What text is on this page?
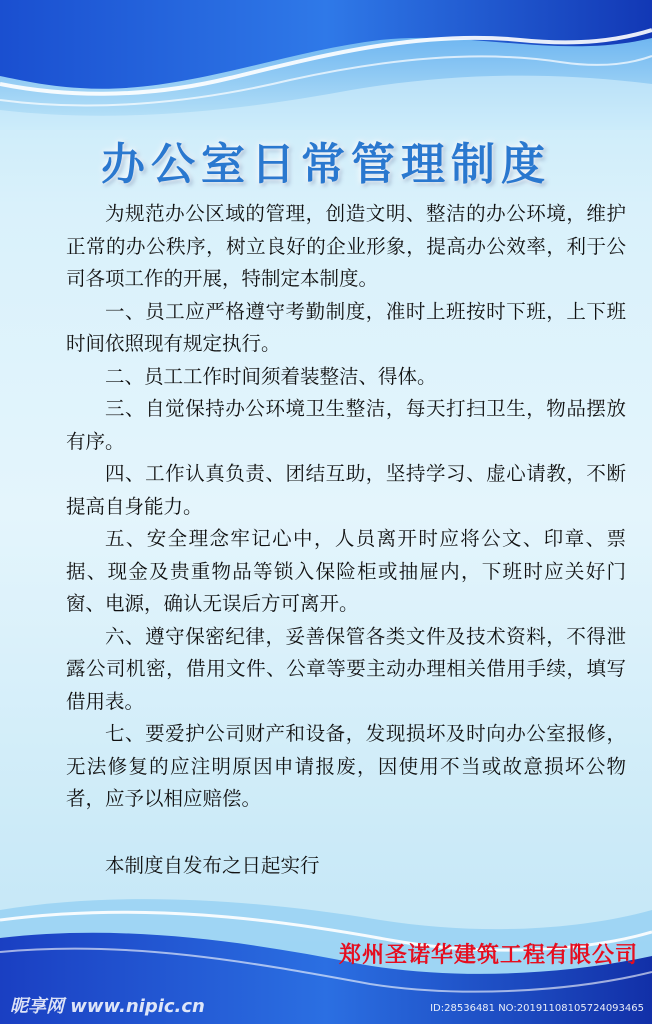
办公室日常管理制度

为规范办公区域的管理，创造文明、整洁的办公环境，维护正常的办公秩序，树立良好的企业形象，提高办公效率，利于公司各项工作的开展，特制定本制度。

一、员工应严格遵守考勤制度，准时上班按时下班，上下班时间依照现有规定执行。

二、员工工作时间须着装整洁、得体。

三、自觉保持办公环境卫生整洁，每天打扫卫生，物品摆放有序。

四、工作认真负责、团结互助，坚持学习、虚心请教，不断提高自身能力。

五、安全理念牢记心中，人员离开时应将公文、印章、票据、现金及贵重物品等锁入保险柜或抽屉内，下班时应关好门窗、电源，确认无误后方可离开。

六、遵守保密纪律，妥善保管各类文件及技术资料，不得泄露公司机密，借用文件、公章等要主动办理相关借用手续，填写借用表。

七、要爱护公司财产和设备，发现损坏及时向办公室报修，无法修复的应注明原因申请报废，因使用不当或故意损坏公物者，应予以相应赔偿。

本制度自发布之日起实行

郑州圣诺华建筑工程有限公司

昵享网 www.nipic.cn	ID:28536481 NO:20191108105724093465
